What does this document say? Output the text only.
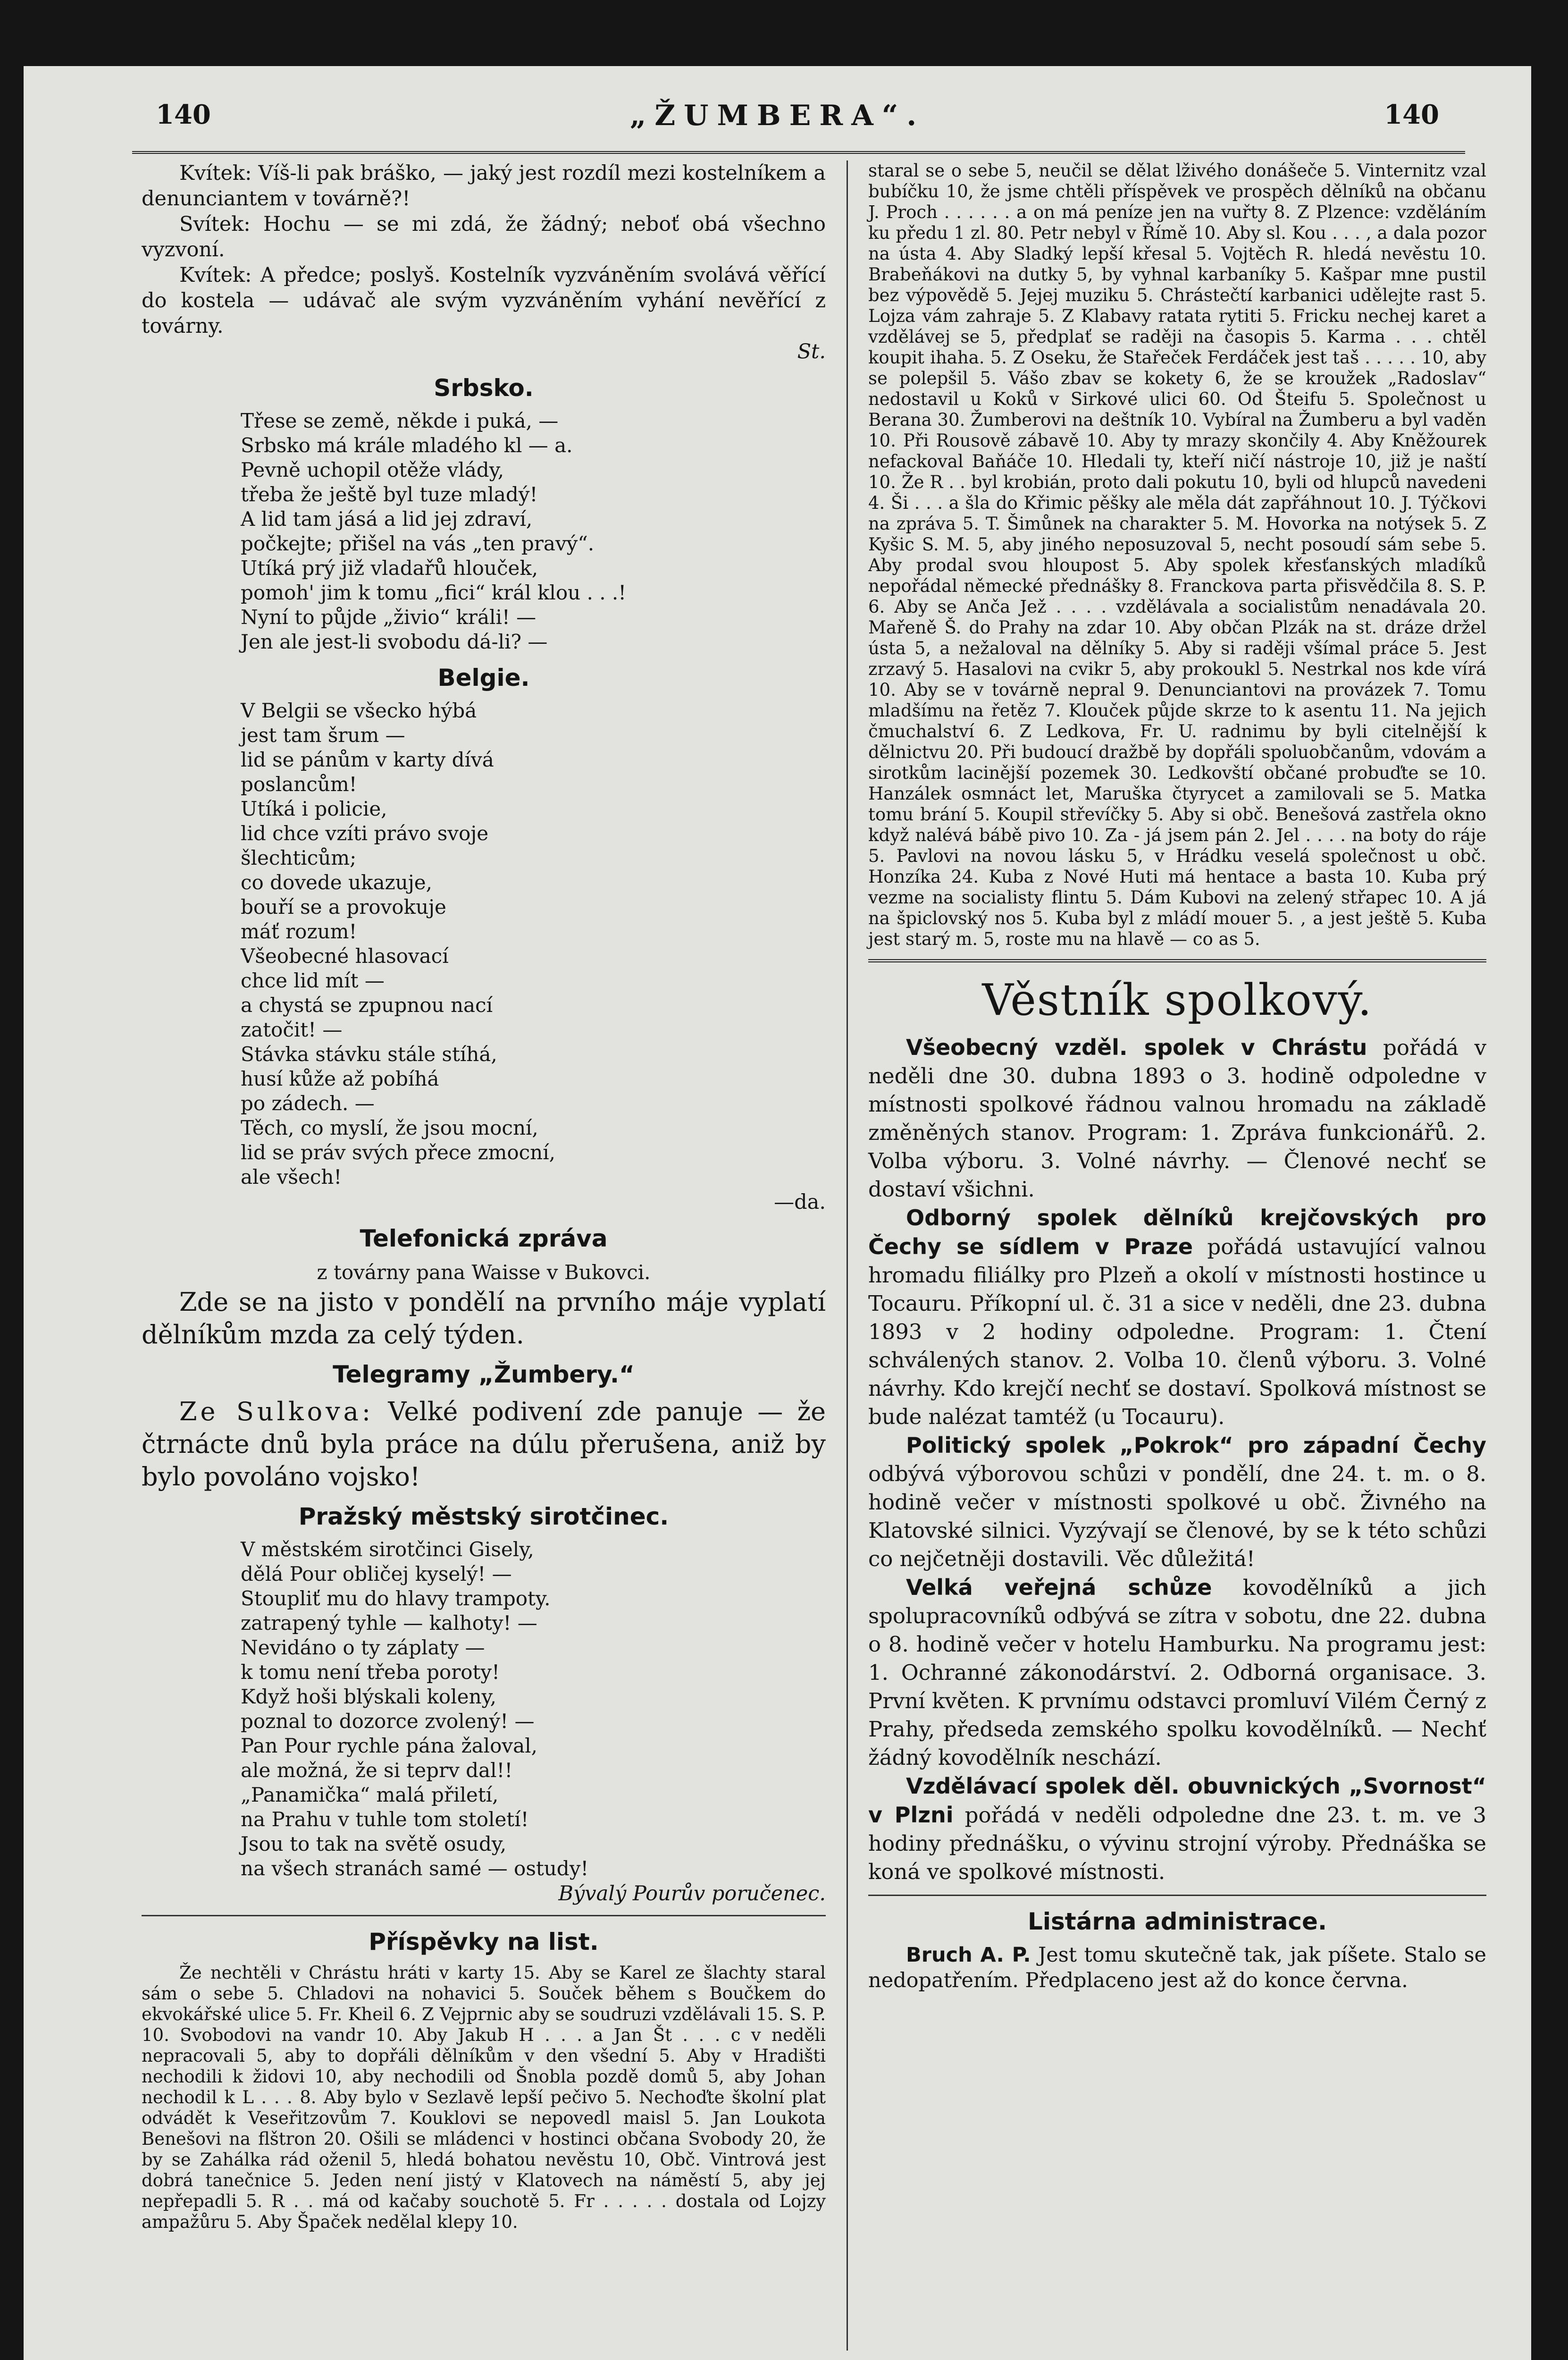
140	„ŽUMBERA“.	140

Kvítek: Víš-li pak bráško, — jaký jest rozdíl mezi kostelníkem a denunciantem v továrně?!

Svítek: Hochu — se mi zdá, že žádný; neboť obá všechno vyzvoní.

Kvítek: A předce; poslyš. Kostelník vyzváněním svolává věřící do kostela — udávač ale svým vyzváněním vyhání nevěřící z továrny.

St.

Srbsko.

Třese se země, někde i puká, —

Srbsko má krále mladého kl — a.

Pevně uchopil otěže vlády,

třeba že ještě byl tuze mladý!

A lid tam jásá a lid jej zdraví,

počkejte; přišel na vás „ten pravý“.

Utíká prý již vladařů hlouček,

pomoh' jim k tomu „fici“ král klou . . .!

Nyní to půjde „živio“ králi! —

Jen ale jest-li svobodu dá-li? —

Belgie.

V Belgii se všecko hýbá

jest tam šrum —

lid se pánům v karty dívá

poslancům!

Utíká i policie,

lid chce vzíti právo svoje

šlechticům;

co dovede ukazuje,

bouří se a provokuje

máť rozum!

Všeobecné hlasovací

chce lid mít —

a chystá se zpupnou nací

zatočit! —

Stávka stávku stále stíhá,

husí kůže až pobíhá

po zádech. —

Těch, co myslí, že jsou mocní,

lid se práv svých přece zmocní,

ale všech!

—da.

Telefonická zpráva

z továrny pana Waisse v Bukovci.

Zde se na jisto v pondělí na prvního máje vyplatí dělníkům mzda za celý týden.

Telegramy „Žumbery.“

Ze Sulkova: Velké podivení zde panuje — že čtrnácte dnů byla práce na dúlu přerušena, aniž by bylo povoláno vojsko!

Pražský městský sirotčinec.

V městském sirotčinci Gisely,

dělá Pour obličej kyselý! —

Stoupliť mu do hlavy trampoty.

zatrapený tyhle — kalhoty! —

Nevidáno o ty záplaty —

k tomu není třeba poroty!

Když hoši blýskali koleny,

poznal to dozorce zvolený! —

Pan Pour rychle pána žaloval,

ale možná, že si teprv dal!!

„Panamička“ malá přiletí,

na Prahu v tuhle tom století!

Jsou to tak na světě osudy,

na všech stranách samé — ostudy!

Bývalý Pourův poručenec.

Příspěvky na list.

Že nechtěli v Chrástu hráti v karty 15. Aby se Karel ze šlachty staral sám o sebe 5. Chladovi na nohavici 5. Souček během s Boučkem do ekvokářské ulice 5. Fr. Kheil 6. Z Vejprnic aby se soudruzi vzdělávali 15. S. P. 10. Svobodovi na vandr 10. Aby Jakub H . . . a Jan Št . . . c v neděli nepracovali 5, aby to dopřáli dělníkům v den všední 5. Aby v Hradišti nechodili k židovi 10, aby nechodili od Šnobla pozdě domů 5, aby Johan nechodil k L . . . 8. Aby bylo v Sezlavě lepší pečivo 5. Nechoďte školní plat odvádět k Veseřitzovům 7. Kouklovi se nepovedl maisl 5. Jan Loukota Benešovi na flštron 20. Ošili se mládenci v hostinci občana Svobody 20, že by se Zahálka rád oženil 5, hledá bohatou nevěstu 10, Obč. Vintrová jest dobrá tanečnice 5. Jeden není jistý v Klatovech na náměstí 5, aby jej nepřepadli 5. R . . má od kačaby souchotě 5. Fr . . . . . dostala od Lojzy ampažůru 5. Aby Špaček nedělal klepy 10.

staral se o sebe 5, neučil se dělat lživého donášeče 5. Vinternitz vzal bubíčku 10, že jsme chtěli příspěvek ve prospěch dělníků na občanu J. Proch . . . . . . a on má peníze jen na vuřty 8. Z Plzence: vzděláním ku předu 1 zl. 80. Petr nebyl v Římě 10. Aby sl. Kou . . . , a dala pozor na ústa 4. Aby Sladký lepší křesal 5. Vojtěch R. hledá nevěstu 10. Brabeňákovi na dutky 5, by vyhnal karbaníky 5. Kašpar mne pustil bez výpovědě 5. Jejej muziku 5. Chrástečtí karbanici udělejte rast 5. Lojza vám zahraje 5. Z Klabavy ratata rytiti 5. Fricku nechej karet a vzdělávej se 5, předplať se raději na časopis 5. Karma . . . chtěl koupit ihaha. 5. Z Oseku, že Stařeček Ferdáček jest taš . . . . . 10, aby se polepšil 5. Vášo zbav se kokety 6, že se kroužek „Radoslav“ nedostavil u Koků v Sirkové ulici 60. Od Šteifu 5. Společnost u Berana 30. Žumberovi na deštník 10. Vybíral na Žumberu a byl vaděn 10. Při Rousově zábavě 10. Aby ty mrazy skončily 4. Aby Kněžourek nefackoval Baňáče 10. Hledali ty, kteří ničí nástroje 10, již je naští 10. Že R . . byl krobián, proto dali pokutu 10, byli od hlupců navedeni 4. Ši . . . a šla do Křimic pěšky ale měla dát zapřáhnout 10. J. Týčkovi na zpráva 5. T. Šimůnek na charakter 5. M. Hovorka na notýsek 5. Z Kyšic S. M. 5, aby jiného neposuzoval 5, necht posoudí sám sebe 5. Aby prodal svou hloupost 5. Aby spolek křesťanských mladíků nepořádal německé přednášky 8. Franckova parta přisvědčila 8. S. P. 6. Aby se Anča Jež . . . . vzdělávala a socialistům nenadávala 20. Mařeně Š. do Prahy na zdar 10. Aby občan Plzák na st. dráze držel ústa 5, a nežaloval na dělníky 5. Aby si raději všímal práce 5. Jest zrzavý 5. Hasalovi na cvikr 5, aby prokoukl 5. Nestrkal nos kde vírá 10. Aby se v továrně nepral 9. Denunciantovi na provázek 7. Tomu mladšímu na řetěz 7. Klouček půjde skrze to k asentu 11. Na jejich čmuchalství 6. Z Ledkova, Fr. U. radnimu by byli citelnější k dělnictvu 20. Při budoucí dražbě by dopřáli spoluobčanům, vdovám a sirotkům lacinější pozemek 30. Ledkovští občané probuďte se 10. Hanzálek osmnáct let, Maruška čtyrycet a zamilovali se 5. Matka tomu brání 5. Koupil střevíčky 5. Aby si obč. Benešová zastřela okno když nalévá bábě pivo 10. Za - já jsem pán 2. Jel . . . . na boty do ráje 5. Pavlovi na novou lásku 5, v Hrádku veselá společnost u obč. Honzíka 24. Kuba z Nové Huti má hentace a basta 10. Kuba prý vezme na socialisty flintu 5. Dám Kubovi na zelený střapec 10. A já na špiclovský nos 5. Kuba byl z mládí mouer 5. , a jest ještě 5. Kuba jest starý m. 5, roste mu na hlavě — co as 5.

Věstník spolkový.

Všeobecný vzděl. spolek v Chrástu pořádá v neděli dne 30. dubna 1893 o 3. hodině odpoledne v místnosti spolkové řádnou valnou hromadu na základě změněných stanov. Program: 1. Zpráva funkcionářů. 2. Volba výboru. 3. Volné návrhy. — Členové nechť se dostaví všichni.

Odborný spolek dělníků krejčovských pro Čechy se sídlem v Praze pořádá ustavující valnou hromadu filiálky pro Plzeň a okolí v místnosti hostince u Tocauru. Příkopní ul. č. 31 a sice v neděli, dne 23. dubna 1893 v 2 hodiny odpoledne. Program: 1. Čtení schválených stanov. 2. Volba 10. členů výboru. 3. Volné návrhy. Kdo krejčí nechť se dostaví. Spolková místnost se bude nalézat tamtéž (u Tocauru).

Politický spolek „Pokrok“ pro západní Čechy odbývá výborovou schůzi v pondělí, dne 24. t. m. o 8. hodině večer v místnosti spolkové u obč. Živného na Klatovské silnici. Vyzývají se členové, by se k této schůzi co nejčetněji dostavili. Věc důležitá!

Velká veřejná schůze kovodělníků a jich spolupracovníků odbývá se zítra v sobotu, dne 22. dubna o 8. hodině večer v hotelu Hamburku. Na programu jest: 1. Ochranné zákonodárství. 2. Odborná organisace. 3. První květen. K prvnímu odstavci promluví Vilém Černý z Prahy, předseda zemského spolku kovodělníků. — Nechť žádný kovodělník neschází.

Vzdělávací spolek děl. obuvnických „Svornost“ v Plzni pořádá v neděli odpoledne dne 23. t. m. ve 3 hodiny přednášku, o vývinu strojní výroby. Přednáška se koná ve spolkové místnosti.

Listárna administrace.

Bruch A. P. Jest tomu skutečně tak, jak píšete. Stalo se nedopatřením. Předplaceno jest až do konce června.
